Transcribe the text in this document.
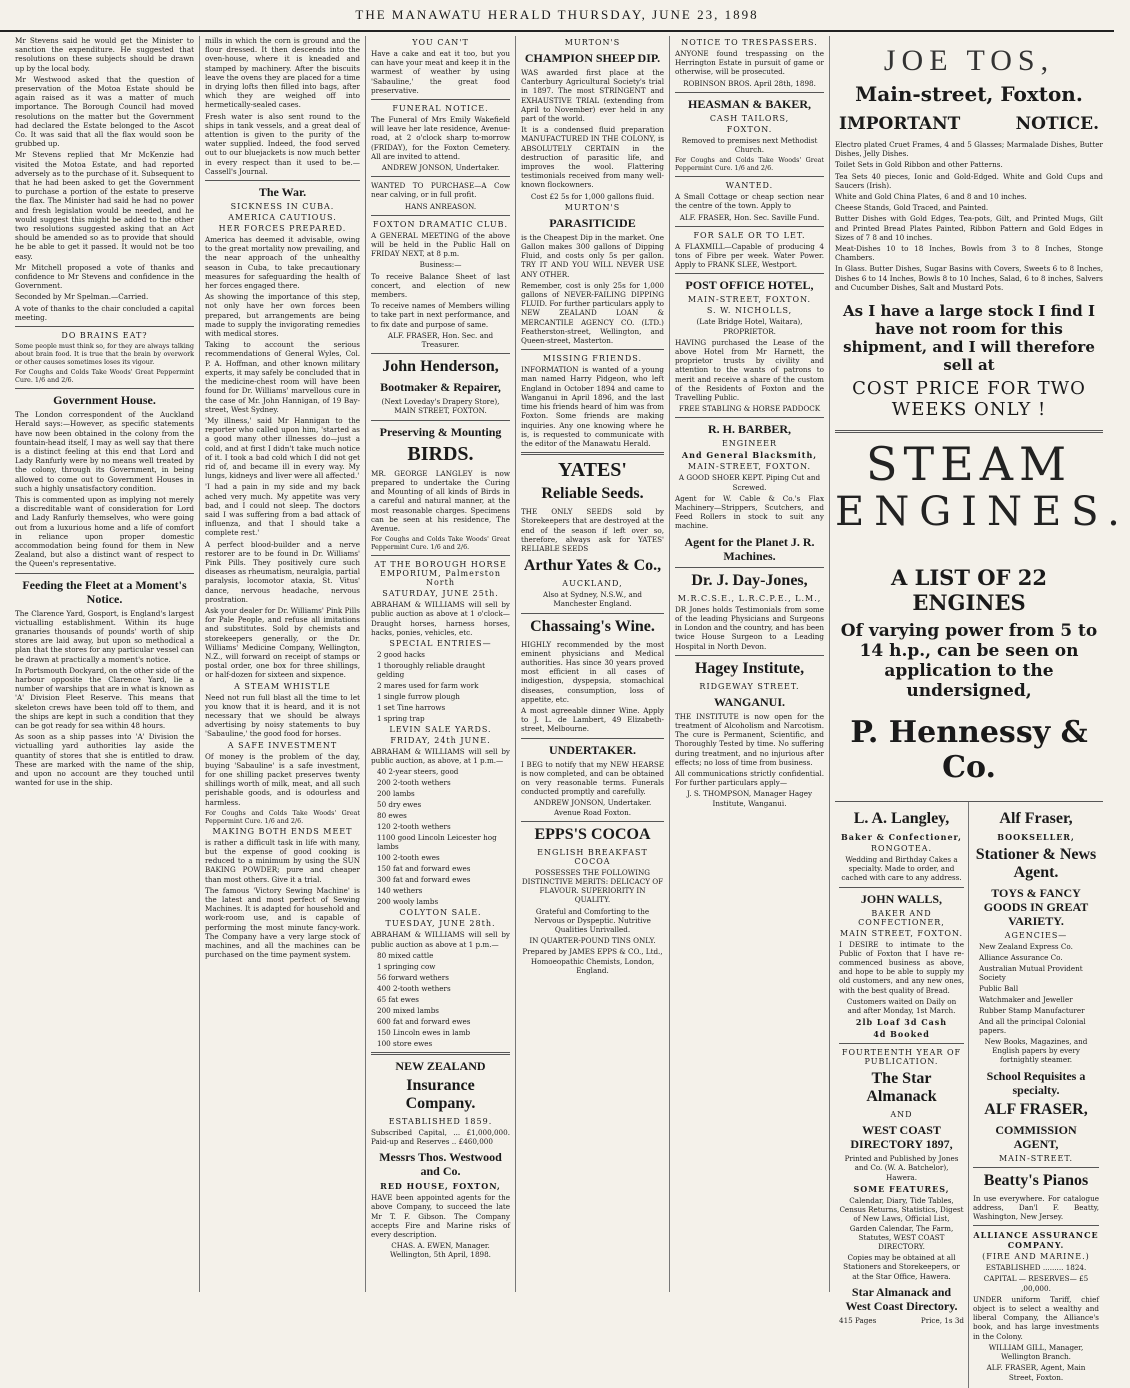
THE MANAWATU HERALD THURSDAY, JUNE 23, 1898

Mr Stevens said he would get the Minister to sanction the expenditure. He suggested that resolutions on these subjects should be drawn up by the local body.

Mr Westwood asked that the question of preservation of the Motoa Estate should be again raised as it was a matter of much importance. The Borough Council had moved resolutions on the matter but the Government had declared the Estate belonged to the Ascot Co. It was said that all the flax would soon be grubbed up.

Mr Stevens replied that Mr McKenzie had visited the Motoa Estate, and had reported adversely as to the purchase of it. Subsequent to that he had been asked to get the Government to purchase a portion of the estate to preserve the flax. The Minister had said he had no power and fresh legislation would be needed, and he would suggest this might be added to the other two resolutions suggested asking that an Act should be amended so as to provide that should he be able to get it passed. It would not be too easy.

Mr Mitchell proposed a vote of thanks and confidence to Mr Stevens and confidence in the Government.

Seconded by Mr Spelman.—Carried.

A vote of thanks to the chair concluded a capital meeting.

DO BRAINS EAT?

Some people must think so, for they are always talking about brain food. It is true that the brain by overwork or other causes sometimes loses its vigour.

For Coughs and Colds Take Woods' Great Peppermint Cure. 1/6 and 2/6.

Government House.

The London correspondent of the Auckland Herald says:—However, as specific statements have now been obtained in the colony from the fountain-head itself, I may as well say that there is a distinct feeling at this end that Lord and Lady Ranfurly were by no means well treated by the colony, through its Government, in being allowed to come out to Government Houses in such a highly unsatisfactory condition.

This is commented upon as implying not merely a discreditable want of consideration for Lord and Lady Ranfurly themselves, who were going out from a luxurious home and a life of comfort in reliance upon proper domestic accommodation being found for them in New Zealand, but also a distinct want of respect to the Queen's representative.

Feeding the Fleet at a Moment's Notice.

The Clarence Yard, Gosport, is England's largest victualling establishment. Within its huge granaries thousands of pounds' worth of ship stores are laid away, but upon so methodical a plan that the stores for any particular vessel can be drawn at practically a moment's notice.

In Portsmouth Dockyard, on the other side of the harbour opposite the Clarence Yard, lie a number of warships that are in what is known as 'A' Division Fleet Reserve. This means that skeleton crews have been told off to them, and the ships are kept in such a condition that they can be got ready for sea within 48 hours.

As soon as a ship passes into 'A' Division the victualling yard authorities lay aside the quantity of stores that she is entitled to draw. These are marked with the name of the ship, and upon no account are they touched until wanted for use in the ship.

mills in which the corn is ground and the flour dressed. It then descends into the oven-house, where it is kneaded and stamped by machinery. After the biscuits leave the ovens they are placed for a time in drying lofts then filled into bags, after which they are weighed off into hermetically-sealed cases.

Fresh water is also sent round to the ships in tank vessels, and a great deal of attention is given to the purity of the water supplied. Indeed, the food served out to our bluejackets is now much better in every respect than it used to be.—Cassell's Journal.

The War.
SICKNESS IN CUBA.
AMERICA CAUTIOUS.
HER FORCES PREPARED.

America has deemed it advisable, owing to the great mortality now prevailing, and the near approach of the unhealthy season in Cuba, to take precautionary measures for safeguarding the health of her forces engaged there.

As showing the importance of this step, not only have her own forces been prepared, but arrangements are being made to supply the invigorating remedies with medical stores.

Taking to account the serious recommendations of General Wyles, Col. P. A. Hoffman, and other known military experts, it may safely be concluded that in the medicine-chest room will have been found for Dr. Williams' marvellous cure in the case of Mr. John Hannigan, of 19 Bay-street, West Sydney.

'My illness,' said Mr Hannigan to the reporter who called upon him, 'started as a good many other illnesses do—just a cold, and at first I didn't take much notice of it. I took a bad cold which I did not get rid of, and became ill in every way. My lungs, kidneys and liver were all affected.'

'I had a pain in my side and my back ached very much. My appetite was very bad, and I could not sleep. The doctors said I was suffering from a bad attack of influenza, and that I should take a complete rest.'

A perfect blood-builder and a nerve restorer are to be found in Dr. Williams' Pink Pills. They positively cure such diseases as rheumatism, neuralgia, partial paralysis, locomotor ataxia, St. Vitus' dance, nervous headache, nervous prostration.

Ask your dealer for Dr. Williams' Pink Pills for Pale People, and refuse all imitations and substitutes. Sold by chemists and storekeepers generally, or the Dr. Williams' Medicine Company, Wellington, N.Z., will forward on receipt of stamps or postal order, one box for three shillings, or half-dozen for sixteen and sixpence.

A STEAM WHISTLE

Need not run full blast all the time to let you know that it is heard, and it is not necessary that we should be always advertising by noisy statements to buy 'Sabauline,' the good food for horses.

A SAFE INVESTMENT

Of money is the problem of the day, buying 'Sabauline' is a safe investment, for one shilling packet preserves twenty shillings worth of milk, meat, and all such perishable goods, and is odourless and harmless.

For Coughs and Colds Take Woods' Great Peppermint Cure. 1/6 and 2/6.

MAKING BOTH ENDS MEET

is rather a difficult task in life with many, but the expense of good cooking is reduced to a minimum by using the SUN BAKING POWDER; pure and cheaper than most others. Give it a trial.

The famous 'Victory Sewing Machine' is the latest and most perfect of Sewing Machines. It is adapted for household and work-room use, and is capable of performing the most minute fancy-work. The Company have a very large stock of machines, and all the machines can be purchased on the time payment system.

YOU CAN'T

Have a cake and eat it too, but you can have your meat and keep it in the warmest of weather by using 'Sabauline,' the great food preservative.

FUNERAL NOTICE.

The Funeral of Mrs Emily Wakefield will leave her late residence, Avenue-road, at 2 o'clock sharp to-morrow (FRIDAY), for the Foxton Cemetery. All are invited to attend.

ANDREW JONSON, Undertaker.

WANTED TO PURCHASE—A Cow near calving, or in full profit.

HANS ANREASON.

FOXTON DRAMATIC CLUB.

A GENERAL MEETING of the above will be held in the Public Hall on FRIDAY NEXT, at 8 p.m.

Business:—

To receive Balance Sheet of last concert, and election of new members.

To receive names of Members willing to take part in next performance, and to fix date and purpose of same.

ALF. FRASER, Hon. Sec. and Treasurer.

John Henderson,
Bootmaker & Repairer,

(Next Loveday's Drapery Store), MAIN STREET, FOXTON.

Preserving & Mounting
BIRDS.

MR. GEORGE LANGLEY is now prepared to undertake the Curing and Mounting of all kinds of Birds in a careful and natural manner, at the most reasonable charges. Specimens can be seen at his residence, The Avenue.

For Coughs and Colds Take Woods' Great Peppermint Cure. 1/6 and 2/6.

AT THE BOROUGH HORSE EMPORIUM, Palmerston North
SATURDAY, JUNE 25th.

ABRAHAM & WILLIAMS will sell by public auction as above at 1 o'clock— Draught horses, harness horses, hacks, ponies, vehicles, etc.

SPECIAL ENTRIES—
2 good hacks
1 thoroughly reliable draught gelding
2 mares used for farm work
1 single furrow plough
1 set Tine harrows
1 spring trap
LEVIN SALE YARDS.
FRIDAY, 24th JUNE.

ABRAHAM & WILLIAMS will sell by public auction, as above, at 1 p.m.—

40 2-year steers, good
200 2-tooth wethers
200 lambs
50 dry ewes
80 ewes
120 2-tooth wethers
1100 good Lincoln Leicester hog lambs
100 2-tooth ewes
150 fat and forward ewes
300 fat and forward ewes
140 wethers
200 wooly lambs
COLYTON SALE.
TUESDAY, JUNE 28th.

ABRAHAM & WILLIAMS will sell by public auction as above at 1 p.m.—

80 mixed cattle
1 springing cow
56 forward wethers
400 2-tooth wethers
65 fat ewes
200 mixed lambs
600 fat and forward ewes
150 Lincoln ewes in lamb
100 store ewes
NEW ZEALAND
Insurance Company.
ESTABLISHED 1859.

Subscribed Capital, ... £1,000,000. Paid-up and Reserves .. £460,000

Messrs Thos. Westwood and Co.
RED HOUSE, FOXTON,

HAVE been appointed agents for the above Company, to succeed the late Mr T. F. Gibson. The Company accepts Fire and Marine risks of every description.

CHAS. A. EWEN, Manager. Wellington, 5th April, 1898.

MURTON'S
CHAMPION SHEEP DIP.

WAS awarded first place at the Canterbury Agricultural Society's trial in 1897. The most STRINGENT and EXHAUSTIVE TRIAL (extending from April to November) ever held in any part of the world.

It is a condensed fluid preparation MANUFACTURED IN THE COLONY, is ABSOLUTELY CERTAIN in the destruction of parasitic life, and improves the wool. Flattering testimonials received from many well-known flockowners.

Cost £2 5s for 1,000 gallons fluid.

MURTON'S
PARASITICIDE

is the Cheapest Dip in the market. One Gallon makes 300 gallons of Dipping Fluid, and costs only 5s per gallon. TRY IT AND YOU WILL NEVER USE ANY OTHER.

Remember, cost is only 25s for 1,000 gallons of NEVER-FAILING DIPPING FLUID. For further particulars apply to NEW ZEALAND LOAN & MERCANTILE AGENCY CO. (LTD.) Featherston-street, Wellington, and Queen-street, Masterton.

MISSING FRIENDS.

INFORMATION is wanted of a young man named Harry Pidgeon, who left England in October 1894 and came to Wanganui in April 1896, and the last time his friends heard of him was from Foxton. Some friends are making inquiries. Any one knowing where he is, is requested to communicate with the editor of the Manawatu Herald.

YATES'
Reliable Seeds.

THE ONLY SEEDS sold by Storekeepers that are destroyed at the end of the season if left over so, therefore, always ask for YATES' RELIABLE SEEDS

Arthur Yates & Co.,
AUCKLAND,

Also at Sydney, N.S.W., and Manchester England.

Chassaing's Wine.

HIGHLY recommended by the most eminent physicians and Medical authorities. Has since 30 years proved most efficient in all cases of indigestion, dyspepsia, stomachical diseases, consumption, loss of appetite, etc.

A most agreeable dinner Wine. Apply to J. L. de Lambert, 49 Elizabeth-street, Melbourne.

UNDERTAKER.

I BEG to notify that my NEW HEARSE is now completed, and can be obtained on very reasonable terms. Funerals conducted promptly and carefully.

ANDREW JONSON, Undertaker. Avenue Road Foxton.

EPPS'S COCOA
ENGLISH BREAKFAST COCOA

POSSESSES THE FOLLOWING DISTINCTIVE MERITS: DELICACY OF FLAVOUR. SUPERIORITY IN QUALITY.

Grateful and Comforting to the Nervous or Dyspeptic. Nutritive Qualities Unrivalled.

IN QUARTER-POUND TINS ONLY.

Prepared by JAMES EPPS & CO., Ltd., Homoeopathic Chemists, London, England.

NOTICE TO TRESPASSERS.

ANYONE found trespassing on the Herrington Estate in pursuit of game or otherwise, will be prosecuted.

ROBINSON BROS. April 28th, 1898.

HEASMAN & BAKER,
CASH TAILORS,
FOXTON.

Removed to premises next Methodist Church.

For Coughs and Colds Take Woods' Great Peppermint Cure. 1/6 and 2/6.

WANTED.

A Small Cottage or cheap section near the centre of the town. Apply to

ALF. FRASER, Hon. Sec. Saville Fund.

FOR SALE OR TO LET.

A FLAXMILL—Capable of producing 4 tons of Fibre per week. Water Power. Apply to FRANK SLEE, Westport.

POST OFFICE HOTEL,
MAIN-STREET, FOXTON.
S. W. NICHOLLS,

(Late Bridge Hotel, Waitara), PROPRIETOR.

HAVING purchased the Lease of the above Hotel from Mr Harnett, the proprietor trusts by civility and attention to the wants of patrons to merit and receive a share of the custom of the Residents of Foxton and the Travelling Public.

FREE STABLING & HORSE PADDOCK

R. H. BARBER,
ENGINEER
And General Blacksmith,
MAIN-STREET, FOXTON.

A GOOD SHOER KEPT. Piping Cut and Screwed.

Agent for W. Cable & Co.'s Flax Machinery—Strippers, Scutchers, and Feed Rollers in stock to suit any machine.

Agent for the Planet J. R. Machines.
Dr. J. Day-Jones,
M.R.C.S.E., L.R.C.P.E., L.M.,

DR Jones holds Testimonials from some of the leading Physicians and Surgeons in London and the country, and has been twice House Surgeon to a Leading Hospital in North Devon.

Hagey Institute,
RIDGEWAY STREET.
WANGANUI.

THE INSTITUTE is now open for the treatment of Alcoholism and Narcotism. The cure is Permanent, Scientific, and Thoroughly Tested by time. No suffering during treatment, and no injurious after effects; no loss of time from business.

All communications strictly confidential. For further particulars apply—

J. S. THOMPSON, Manager Hagey Institute, Wanganui.

JOE TOS,
Main-street, Foxton.
IMPORTANT	NOTICE.

Electro plated Cruet Frames, 4 and 5 Glasses; Marmalade Dishes, Butter Dishes, Jelly Dishes.

Toilet Sets in Gold Ribbon and other Patterns.

Tea Sets 40 pieces, Ionic and Gold-Edged. White and Gold Cups and Saucers (Irish).

White and Gold China Plates, 6 and 8 and 10 inches.

Cheese Stands, Gold Traced, and Painted.

Butter Dishes with Gold Edges, Tea-pots, Gilt, and Printed Mugs, Gilt and Printed Bread Plates Painted, Ribbon Pattern and Gold Edges in Sizes of 7 8 and 10 inches.

Meat-Dishes 10 to 18 Inches, Bowls from 3 to 8 Inches, Stonge Chambers.

In Glass. Butter Dishes, Sugar Basins with Covers, Sweets 6 to 8 Inches, Dishes 6 to 14 Inches, Bowls 8 to 10 Inches, Salad, 6 to 8 inches, Salvers and Cucumber Dishes, Salt and Mustard Pots.

As I have a large stock I find I have not room for this shipment, and I will therefore sell at
COST PRICE FOR TWO WEEKS ONLY !
STEAM
ENGINES.
A LIST OF 22 ENGINES
Of varying power from 5 to 14 h.p., can be seen on application to the undersigned,
P. Hennessy & Co.
L. A. Langley,
Baker & Confectioner,
RONGOTEA.

Wedding and Birthday Cakes a specialty. Made to order, and cached with care to any address.

JOHN WALLS,
BAKER AND CONFECTIONER,
MAIN STREET, FOXTON.

I DESIRE to intimate to the Public of Foxton that I have re-commenced business as above, and hope to be able to supply my old customers, and any new ones, with the best quality of Bread.

Customers waited on Daily on and after Monday, 1st March.

2lb Loaf 3d Cash
4d Booked
FOURTEENTH YEAR OF PUBLICATION.
The Star Almanack
AND
WEST COAST DIRECTORY 1897,

Printed and Published by Jones and Co. (W. A. Batchelor), Hawera.

SOME FEATURES,

Calendar, Diary, Tide Tables, Census Returns, Statistics, Digest of New Laws, Official List, Garden Calendar, The Farm, Statutes, WEST COAST DIRECTORY.

Copies may be obtained at all Stationers and Storekeepers, or at the Star Office, Hawera.

Star Almanack and West Coast Directory.
415 Pages	Price, 1s 3d
Alf Fraser,
BOOKSELLER,
Stationer & News Agent.
TOYS & FANCY GOODS IN GREAT VARIETY.
AGENCIES—
New Zealand Express Co.
Alliance Assurance Co.
Australian Mutual Provident Society
Public Ball
Watchmaker and Jeweller
Rubber Stamp Manufacturer
And all the principal Colonial papers.

New Books, Magazines, and English papers by every fortnightly steamer.

School Requisites a specialty.
ALF FRASER,
COMMISSION AGENT,
MAIN-STREET.
Beatty's Pianos

In use everywhere. For catalogue address, Dan'l F. Beatty, Washington, New Jersey.

ALLIANCE ASSURANCE COMPANY.
(FIRE AND MARINE.)

ESTABLISHED ......... 1824.

CAPITAL — RESERVES— £5 ,00,000.

UNDER uniform Tariff, chief object is to select a wealthy and liberal Company, the Alliance's book, and has large investments in the Colony.

WILLIAM GILL, Manager, Wellington Branch.

ALF. FRASER, Agent, Main Street, Foxton.
